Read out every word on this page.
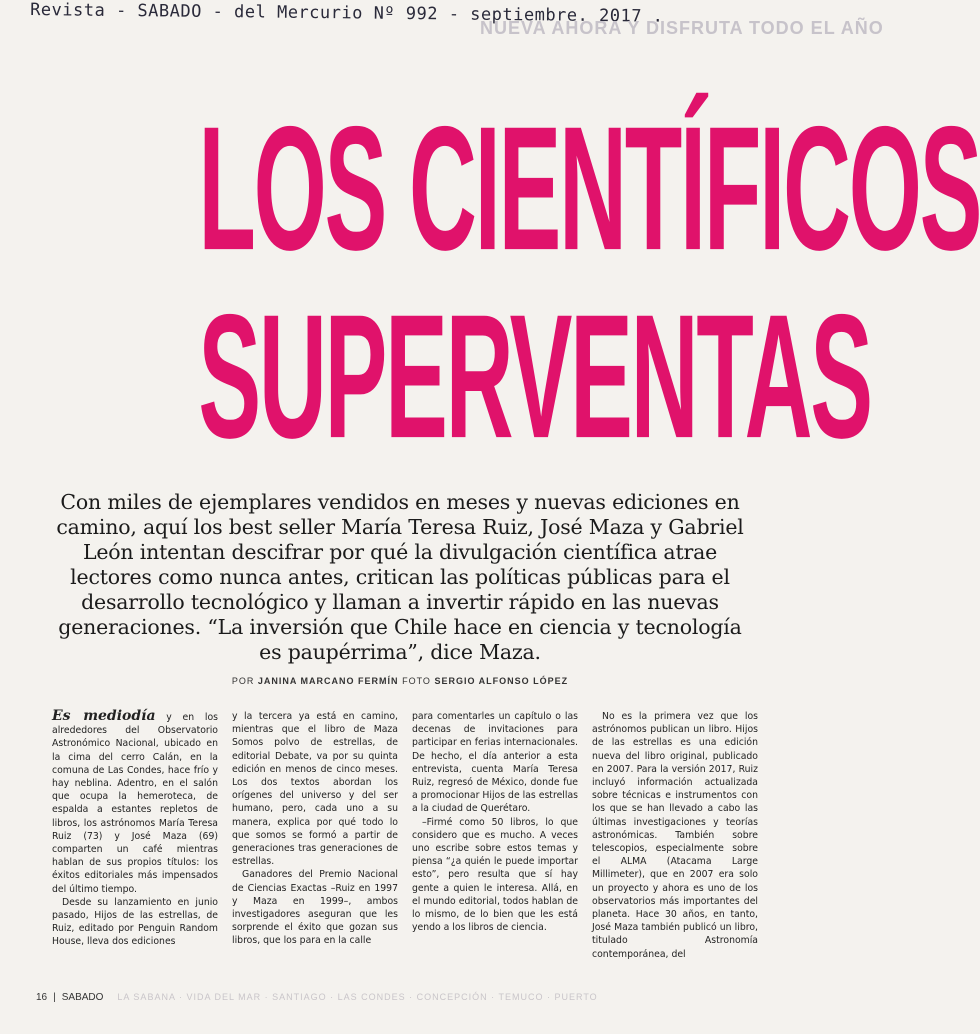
Revista - SABADO - del Mercurio Nº 992 - septiembre. 2017 .
NUEVA AHORA Y DISFRUTA TODO EL AÑO
LOS CIENTÍFICOS
SUPERVENTAS
Con miles de ejemplares vendidos en meses y nuevas ediciones en camino, aquí los best seller María Teresa Ruiz, José Maza y Gabriel León intentan descifrar por qué la divulgación científica atrae lectores como nunca antes, critican las políticas públicas para el desarrollo tecnológico y llaman a invertir rápido en las nuevas generaciones. “La inversión que Chile hace en ciencia y tecnología es paupérrima”, dice Maza.
POR JANINA MARCANO FERMÍN FOTO SERGIO ALFONSO LÓPEZ

Es mediodía y en los alrededores del Observatorio Astronómico Nacional, ubicado en la cima del cerro Calán, en la comuna de Las Condes, hace frío y hay neblina. Adentro, en el salón que ocupa la hemeroteca, de espalda a estantes repletos de libros, los astrónomos María Teresa Ruiz (73) y José Maza (69) comparten un café mientras hablan de sus propios títulos: los éxitos editoriales más impensados del último tiempo.

Desde su lanzamiento en junio pasado, Hijos de las estrellas, de Ruiz, editado por Penguin Random House, lleva dos ediciones

y la tercera ya está en camino, mientras que el libro de Maza Somos polvo de estrellas, de editorial Debate, va por su quinta edición en menos de cinco meses. Los dos textos abordan los orígenes del universo y del ser humano, pero, cada uno a su manera, explica por qué todo lo que somos se formó a partir de generaciones tras generaciones de estrellas.

Ganadores del Premio Nacional de Ciencias Exactas –Ruiz en 1997 y Maza en 1999–, ambos investigadores aseguran que les sorprende el éxito que gozan sus libros, que los para en la calle

para comentarles un capítulo o las decenas de invitaciones para participar en ferias internacionales. De hecho, el día anterior a esta entrevista, cuenta María Teresa Ruiz, regresó de México, donde fue a promocionar Hijos de las estrellas a la ciudad de Querétaro.

–Firmé como 50 libros, lo que considero que es mucho. A veces uno escribe sobre estos temas y piensa “¿a quién le puede importar esto”, pero resulta que sí hay gente a quien le interesa. Allá, en el mundo editorial, todos hablan de lo mismo, de lo bien que les está yendo a los libros de ciencia.

No es la primera vez que los astrónomos publican un libro. Hijos de las estrellas es una edición nueva del libro original, publicado en 2007. Para la versión 2017, Ruiz incluyó información actualizada sobre técnicas e instrumentos con los que se han llevado a cabo las últimas investigaciones y teorías astronómicas. También sobre telescopios, especialmente sobre el ALMA (Atacama Large Millimeter), que en 2007 era solo un proyecto y ahora es uno de los observatorios más importantes del planeta. Hace 30 años, en tanto, José Maza también publicó un libro, titulado Astronomía contemporánea, del

16 | SABADO LA SABANA · VIDA DEL MAR · SANTIAGO · LAS CONDES · CONCEPCIÓN · TEMUCO · PUERTO
